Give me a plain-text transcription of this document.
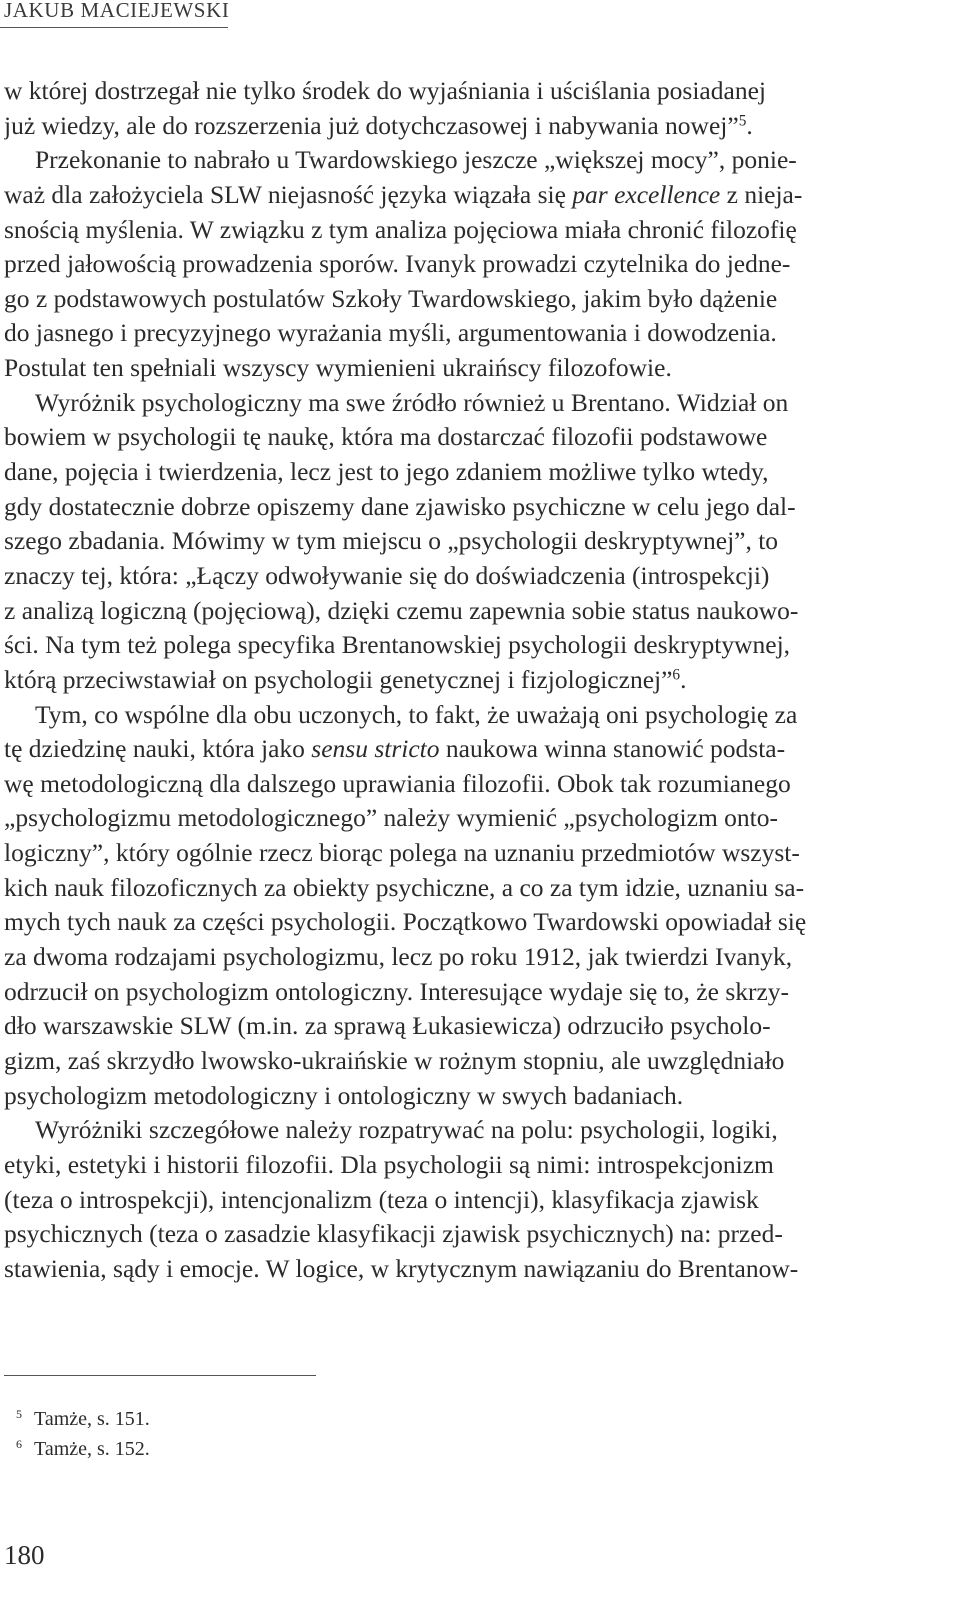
JAKUB MACIEJEWSKI
w której dostrzegał nie tylko środek do wyjaśniania i uściślania posiadanej
już wiedzy, ale do rozszerzenia już dotychczasowej i nabywania nowej”$^5$.
Przekonanie to nabrało u Twardowskiego jeszcze „większej mocy”, ponie-
waż dla założyciela SLW niejasność języka wiązała się par excellence z nieja-
snością myślenia. W związku z tym analiza pojęciowa miała chronić filozofię
przed jałowością prowadzenia sporów. Ivanyk prowadzi czytelnika do jedne-
go z podstawowych postulatów Szkoły Twardowskiego, jakim było dążenie
do jasnego i precyzyjnego wyrażania myśli, argumentowania i dowodzenia.
Postulat ten spełniali wszyscy wymienieni ukraińscy filozofowie.
Wyróżnik psychologiczny ma swe źródło również u Brentano. Widział on
bowiem w psychologii tę naukę, która ma dostarczać filozofii podstawowe
dane, pojęcia i twierdzenia, lecz jest to jego zdaniem możliwe tylko wtedy,
gdy dostatecznie dobrze opiszemy dane zjawisko psychiczne w celu jego dal-
szego zbadania. Mówimy w tym miejscu o „psychologii deskryptywnej”, to
znaczy tej, która: „Łączy odwoływanie się do doświadczenia (introspekcji)
z analizą logiczną (pojęciową), dzięki czemu zapewnia sobie status naukowo-
ści. Na tym też polega specyfika Brentanowskiej psychologii deskryptywnej,
którą przeciwstawiał on psychologii genetycznej i fizjologicznej”$^6$.
Tym, co wspólne dla obu uczonych, to fakt, że uważają oni psychologię za
tę dziedzinę nauki, która jako sensu stricto naukowa winna stanowić podsta-
wę metodologiczną dla dalszego uprawiania filozofii. Obok tak rozumianego
„psychologizmu metodologicznego” należy wymienić „psychologizm onto-
logiczny”, który ogólnie rzecz biorąc polega na uznaniu przedmiotów wszyst-
kich nauk filozoficznych za obiekty psychiczne, a co za tym idzie, uznaniu sa-
mych tych nauk za części psychologii. Początkowo Twardowski opowiadał się
za dwoma rodzajami psychologizmu, lecz po roku 1912, jak twierdzi Ivanyk,
odrzucił on psychologizm ontologiczny. Interesujące wydaje się to, że skrzy-
dło warszawskie SLW (m.in. za sprawą Łukasiewicza) odrzuciło psycholo-
gizm, zaś skrzydło lwowsko-ukraińskie w rożnym stopniu, ale uwzględniało
psychologizm metodologiczny i ontologiczny w swych badaniach.
Wyróżniki szczegółowe należy rozpatrywać na polu: psychologii, logiki,
etyki, estetyki i historii filozofii. Dla psychologii są nimi: introspekcjonizm
(teza o introspekcji), intencjonalizm (teza o intencji), klasyfikacja zjawisk
psychicznych (teza o zasadzie klasyfikacji zjawisk psychicznych) na: przed-
stawienia, sądy i emocje. W logice, w krytycznym nawiązaniu do Brentanow-
$^5$ Tamże, s. 151.
$^6$ Tamże, s. 152.
180
